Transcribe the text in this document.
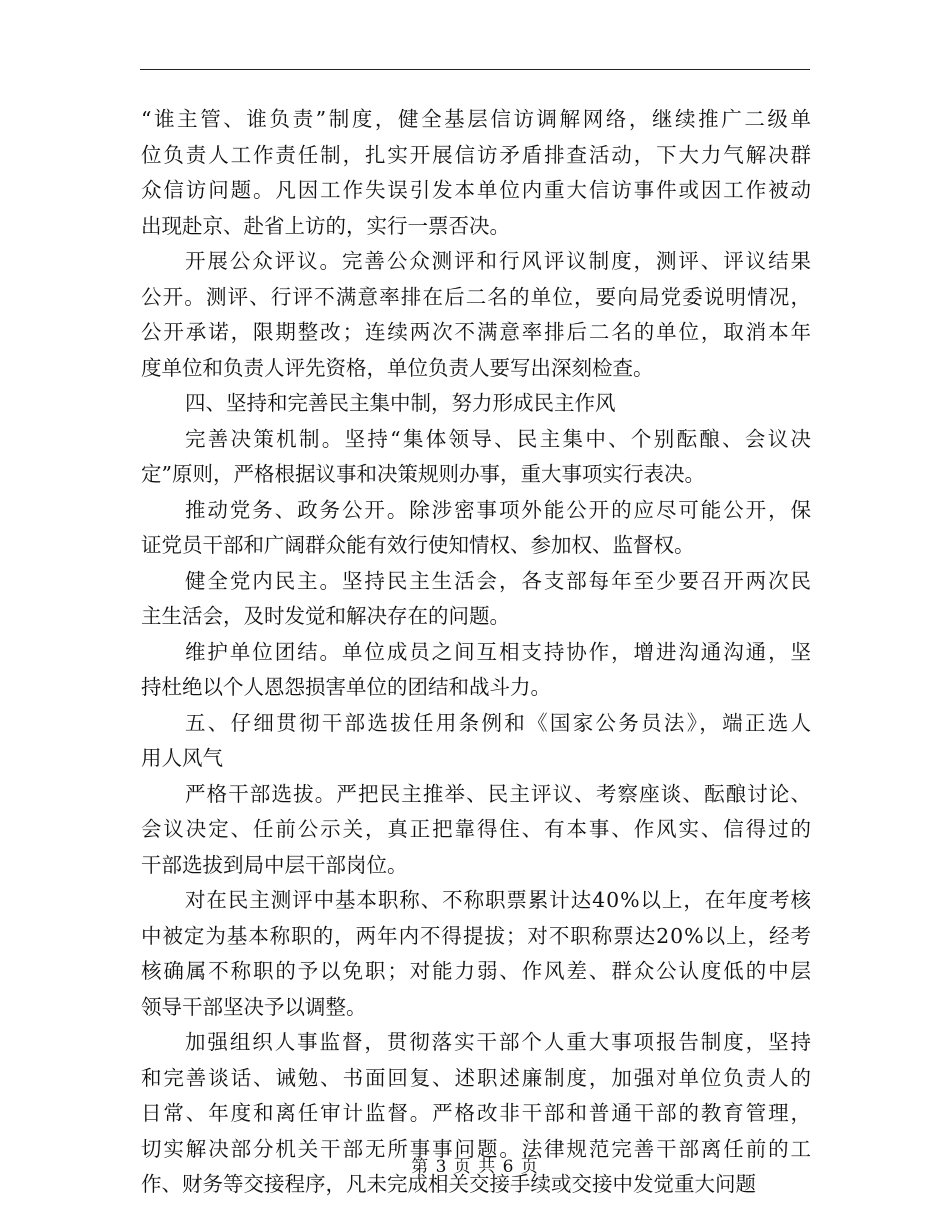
“谁主管、谁负责”制度，健全基层信访调解网络，继续推广二级单
位负责人工作责任制，扎实开展信访矛盾排查活动，下大力气解决群
众信访问题。凡因工作失误引发本单位内重大信访事件或因工作被动
出现赴京、赴省上访的，实行一票否决。
开展公众评议。完善公众测评和行风评议制度，测评、评议结果
公开。测评、行评不满意率排在后二名的单位，要向局党委说明情况，
公开承诺，限期整改；连续两次不满意率排后二名的单位，取消本年
度单位和负责人评先资格，单位负责人要写出深刻检查。
四、坚持和完善民主集中制，努力形成民主作风
完善决策机制。坚持“集体领导、民主集中、个别酝酿、会议决
定”原则，严格根据议事和决策规则办事，重大事项实行表决。
推动党务、政务公开。除涉密事项外能公开的应尽可能公开，保
证党员干部和广阔群众能有效行使知情权、参加权、监督权。
健全党内民主。坚持民主生活会，各支部每年至少要召开两次民
主生活会，及时发觉和解决存在的问题。
维护单位团结。单位成员之间互相支持协作，增进沟通沟通，坚
持杜绝以个人恩怨损害单位的团结和战斗力。
五、仔细贯彻干部选拔任用条例和《国家公务员法》，端正选人
用人风气
严格干部选拔。严把民主推举、民主评议、考察座谈、酝酿讨论、
会议决定、任前公示关，真正把靠得住、有本事、作风实、信得过的
干部选拔到局中层干部岗位。
对在民主测评中基本职称、不称职票累计达40%以上，在年度考核
中被定为基本称职的，两年内不得提拔；对不职称票达20%以上，经考
核确属不称职的予以免职；对能力弱、作风差、群众公认度低的中层
领导干部坚决予以调整。
加强组织人事监督，贯彻落实干部个人重大事项报告制度，坚持
和完善谈话、诫勉、书面回复、述职述廉制度，加强对单位负责人的
日常、年度和离任审计监督。严格改非干部和普通干部的教育管理，
切实解决部分机关干部无所事事问题。法律规范完善干部离任前的工
作、财务等交接程序，凡未完成相关交接手续或交接中发觉重大问题
第 3 页 共 6 页
